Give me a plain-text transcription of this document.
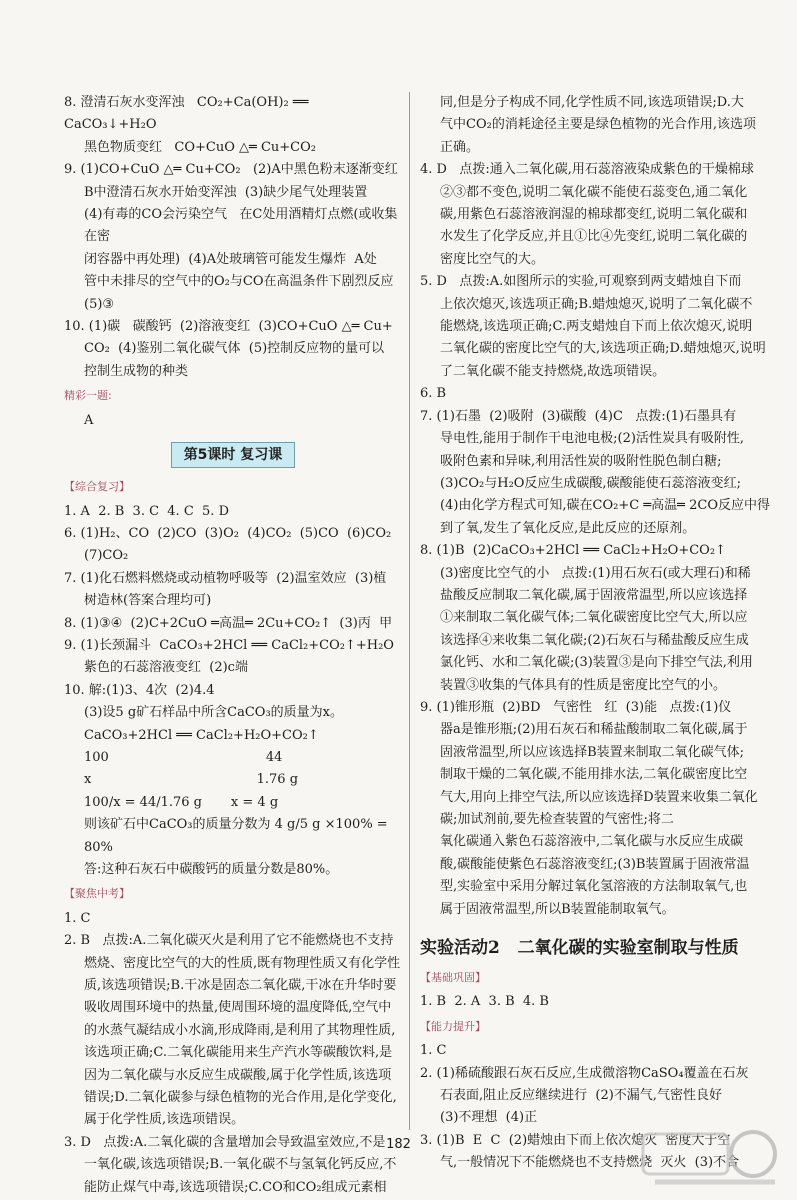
8. 澄清石灰水变浑浊   CO₂+Ca(OH)₂ ══ CaCO₃↓+H₂O

黑色物质变红   CO+CuO △═ Cu+CO₂

9. (1)CO+CuO △═ Cu+CO₂   (2)A中黑色粉末逐渐变红

B中澄清石灰水开始变浑浊  (3)缺少尾气处理装置

(4)有毒的CO会污染空气   在C处用酒精灯点燃(或收集在密

闭容器中再处理)  (4)A处玻璃管可能发生爆炸  A处

管中未排尽的空气中的O₂与CO在高温条件下剧烈反应

(5)③

10. (1)碳   碳酸钙  (2)溶液变红  (3)CO+CuO △═ Cu+

CO₂  (4)鉴别二氧化碳气体  (5)控制反应物的量可以

控制生成物的种类

精彩一题:

A

第5课时 复习课

【综合复习】

1. A  2. B  3. C  4. C  5. D

6. (1)H₂、CO  (2)CO  (3)O₂  (4)CO₂  (5)CO  (6)CO₂

(7)CO₂

7. (1)化石燃料燃烧或动植物呼吸等  (2)温室效应  (3)植

树造林(答案合理均可)

8. (1)③④  (2)C+2CuO ═高温═ 2Cu+CO₂↑  (3)丙  甲

9. (1)长颈漏斗  CaCO₃+2HCl ══ CaCl₂+CO₂↑+H₂O

紫色的石蕊溶液变红  (2)c端

10. 解:(1)3、4次  (2)4.4

(3)设5 g矿石样品中所含CaCO₃的质量为x。

CaCO₃+2HCl ══ CaCl₂+H₂O+CO₂↑

100                                      44

x                                        1.76 g

100/x = 44/1.76 g       x = 4 g

则该矿石中CaCO₃的质量分数为 4 g/5 g ×100% = 80%

答:这种石灰石中碳酸钙的质量分数是80%。

【聚焦中考】

1. C

2. B   点拨:A.二氧化碳灭火是利用了它不能燃烧也不支持

燃烧、密度比空气的大的性质,既有物理性质又有化学性

质,该选项错误;B.干冰是固态二氧化碳,干冰在升华时要

吸收周围环境中的热量,使周围环境的温度降低,空气中

的水蒸气凝结成小水滴,形成降雨,是利用了其物理性质,

该选项正确;C.二氧化碳能用来生产汽水等碳酸饮料,是

因为二氧化碳与水反应生成碳酸,属于化学性质,该选项

错误;D.二氧化碳参与绿色植物的光合作用,是化学变化,

属于化学性质,该选项错误。

3. D   点拨:A.二氧化碳的含量增加会导致温室效应,不是

一氧化碳,该选项错误;B.一氧化碳不与氢氧化钙反应,不

能防止煤气中毒,该选项错误;C.CO和CO₂组成元素相

同,但是分子构成不同,化学性质不同,该选项错误;D.大

气中CO₂的消耗途径主要是绿色植物的光合作用,该选项

正确。

4. D   点拨:通入二氧化碳,用石蕊溶液染成紫色的干燥棉球

②③都不变色,说明二氧化碳不能使石蕊变色,通二氧化

碳,用紫色石蕊溶液润湿的棉球都变红,说明二氧化碳和

水发生了化学反应,并且①比④先变红,说明二氧化碳的

密度比空气的大。

5. D   点拨:A.如图所示的实验,可观察到两支蜡烛自下而

上依次熄灭,该选项正确;B.蜡烛熄灭,说明了二氧化碳不

能燃烧,该选项正确;C.两支蜡烛自下而上依次熄灭,说明

二氧化碳的密度比空气的大,该选项正确;D.蜡烛熄灭,说明

了二氧化碳不能支持燃烧,故选项错误。

6. B

7. (1)石墨  (2)吸附  (3)碳酸  (4)C   点拨:(1)石墨具有

导电性,能用于制作干电池电极;(2)活性炭具有吸附性,

吸附色素和异味,利用活性炭的吸附性脱色制白糖;

(3)CO₂与H₂O反应生成碳酸,碳酸能使石蕊溶液变红;

(4)由化学方程式可知,碳在CO₂+C ═高温═ 2CO反应中得

到了氧,发生了氧化反应,是此反应的还原剂。

8. (1)B  (2)CaCO₃+2HCl ══ CaCl₂+H₂O+CO₂↑

(3)密度比空气的小   点拨:(1)用石灰石(或大理石)和稀

盐酸反应制取二氧化碳,属于固液常温型,所以应该选择

①来制取二氧化碳气体;二氧化碳密度比空气大,所以应

该选择④来收集二氧化碳;(2)石灰石与稀盐酸反应生成

氯化钙、水和二氧化碳;(3)装置③是向下排空气法,利用

装置③收集的气体具有的性质是密度比空气的小。

9. (1)锥形瓶  (2)BD   气密性   红  (3)能   点拨:(1)仪

器a是锥形瓶;(2)用石灰石和稀盐酸制取二氧化碳,属于

固液常温型,所以应该选择B装置来制取二氧化碳气体;

制取干燥的二氧化碳,不能用排水法,二氧化碳密度比空

气大,用向上排空气法,所以应该选择D装置来收集二氧化

碳;加试剂前,要先检查装置的气密性;将二

氧化碳通入紫色石蕊溶液中,二氧化碳与水反应生成碳

酸,碳酸能使紫色石蕊溶液变红;(3)B装置属于固液常温

型,实验室中采用分解过氧化氢溶液的方法制取氧气,也

属于固液常温型,所以B装置能制取氧气。

实验活动2   二氧化碳的实验室制取与性质

【基础巩固】

1. B  2. A  3. B  4. B

【能力提升】

1. C

2. (1)稀硫酸跟石灰石反应,生成微溶物CaSO₄覆盖在石灰

石表面,阻止反应继续进行  (2)不漏气,气密性良好

(3)不理想  (4)正

3. (1)B  E  C  (2)蜡烛由下而上依次熄灭  密度大于空

气,一般情况下不能燃烧也不支持燃烧  灭火  (3)不合

182
